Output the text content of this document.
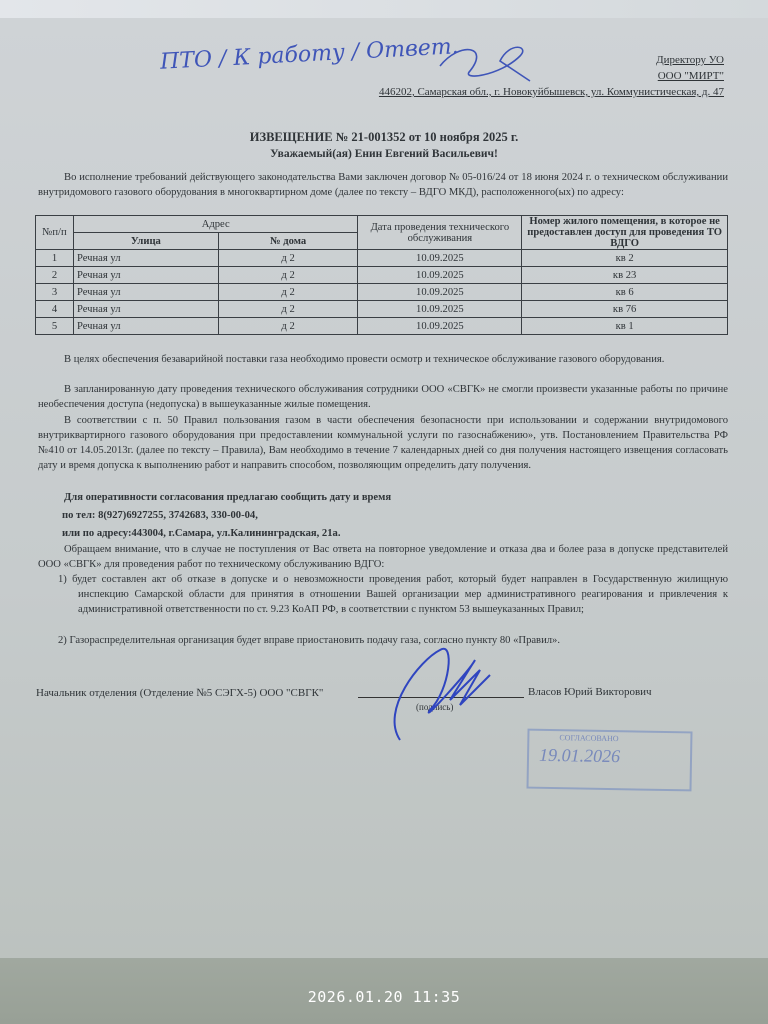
ПТО / К работу / Ответ.	Директору УО
ООО "МИРТ"
446202, Самарская обл., г. Новокуйбышевск, ул. Коммунистическая, д. 47
ИЗВЕЩЕНИЕ № 21-001352 от 10 ноября 2025 г.
Уважаемый(ая) Енин Евгений Васильевич!
Во исполнение требований действующего законодательства Вами заключен договор № 05-016/24 от 18 июня 2024 г. о техническом обслуживании внутридомового газового оборудования в многоквартирном доме (далее по тексту – ВДГО МКД), расположенного(ых) по адресу:
№п/п	Адрес		Дата проведения технического обслуживания	Номер жилого помещения, в которое не предоставлен доступ для проведения ТО ВДГО
	Улица	№ дома		
1	Речная ул	д 2	10.09.2025	кв 2
2	Речная ул	д 2	10.09.2025	кв 23
3	Речная ул	д 2	10.09.2025	кв 6
4	Речная ул	д 2	10.09.2025	кв 76
5	Речная ул	д 2	10.09.2025	кв 1
В целях обеспечения безаварийной поставки газа необходимо провести осмотр и техническое обслуживание газового оборудования.
В запланированную дату проведения технического обслуживания сотрудники ООО «СВГК» не смогли произвести указанные работы по причине необеспечения доступа (недопуска) в вышеуказанные жилые помещения.
В соответствии с п. 50 Правил пользования газом в части обеспечения безопасности при использовании и содержании внутридомового внутриквартирного газового оборудования при предоставлении коммунальной услуги по газоснабжению», утв. Постановлением Правительства РФ №410 от 14.05.2013г. (далее по тексту – Правила), Вам необходимо в течение 7 календарных дней со дня получения настоящего извещения согласовать дату и время допуска к выполнению работ и направить способом, позволяющим определить дату получения.
Для оперативности согласования предлагаю сообщить дату и время
по тел: 8(927)6927255, 3742683, 330-00-04,
или по адресу:443004, г.Самара, ул.Калининградская, 21а.
Обращаем внимание, что в случае не поступления от Вас ответа на повторное уведомление и отказа два и более раза в допуске представителей ООО «СВГК» для проведения работ по техническому обслуживанию ВДГО:
1) будет составлен акт об отказе в допуске и о невозможности проведения работ, который будет направлен в Государственную жилищную инспекцию Самарской области для принятия в отношении Вашей организации мер административного реагирования и привлечения к административной ответственности по ст. 9.23 КоАП РФ, в соответствии с пунктом 53 вышеуказанных Правил;
2) Газораспределительная организация будет вправе приостановить подачу газа, согласно пункту 80 «Правил».
Начальник отделения (Отделение №5 СЭГХ-5) ООО "СВГК"
(подпись)
Власов Юрий Викторович
СОГЛАСОВАНО
19.01.2026
2026.01.20 11:35
